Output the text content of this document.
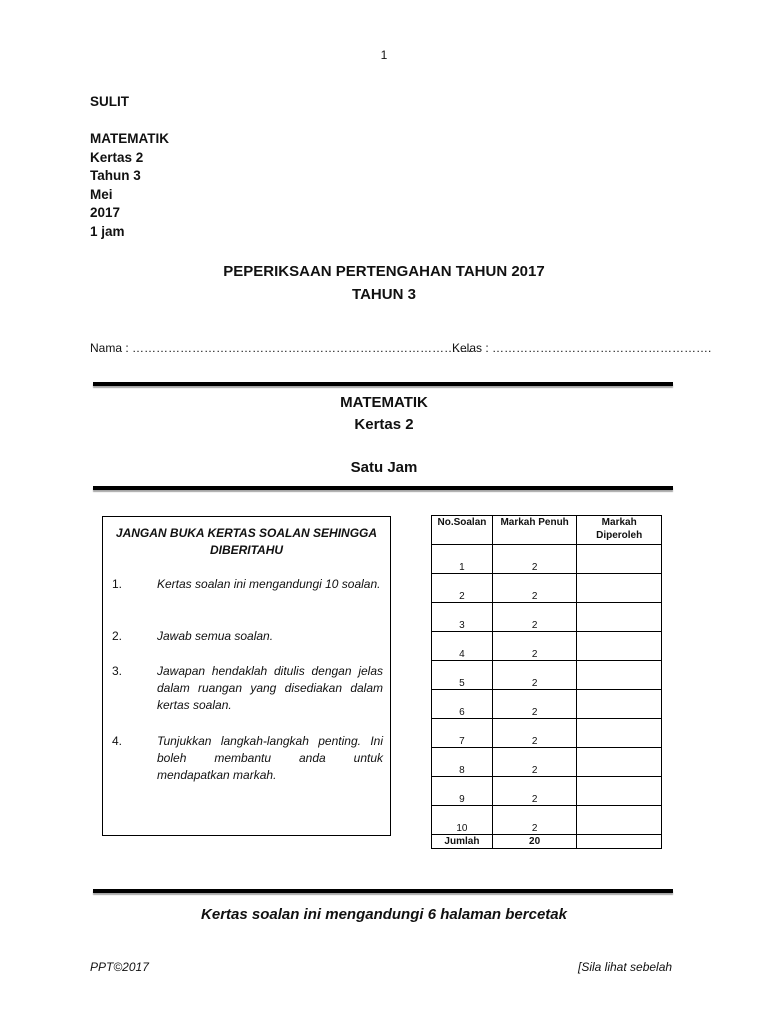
1
SULIT
MATEMATIK
Kertas 2
Tahun 3
Mei
2017
1 jam
PEPERIKSAAN PERTENGAHAN TAHUN 2017
TAHUN 3
Nama : ………………………………………………………………………….
Kelas : ……………………………………………….
MATEMATIK
Kertas 2
Satu Jam
JANGAN BUKA KERTAS SOALAN SEHINGGA
DIBERITAHU
1.	Kertas soalan ini mengandungi 10 soalan.
2.	Jawab semua soalan.
3.	Jawapan hendaklah ditulis dengan jelas dalam ruangan yang disediakan dalam kertas soalan.
4.	Tunjukkan langkah-langkah penting. Ini boleh membantu anda untuk mendapatkan markah.
No.Soalan	Markah Penuh	Markah Diperoleh
1	2	
2	2	
3	2	
4	2	
5	2	
6	2	
7	2	
8	2	
9	2	
10	2	
Jumlah	20	
Kertas soalan ini mengandungi 6 halaman bercetak
PPT©2017	[Sila lihat sebelah
